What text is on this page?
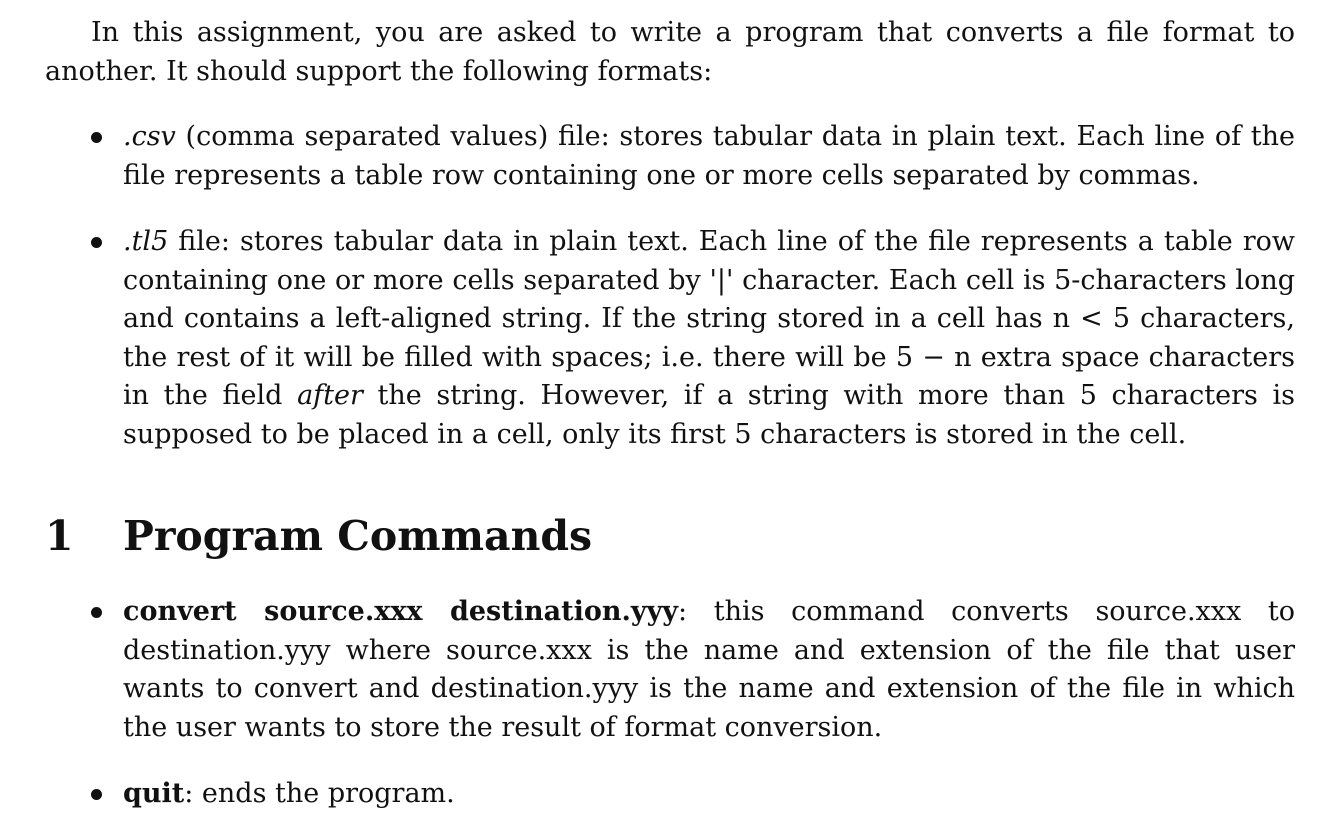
In this assignment, you are asked to write a program that converts a file format to another. It should support the following formats:

.csv (comma separated values) file: stores tabular data in plain text. Each line of the file represents a table row containing one or more cells separated by commas.

.tl5 file: stores tabular data in plain text. Each line of the file represents a table row containing one or more cells separated by '|' character. Each cell is 5-characters long and contains a left-aligned string. If the string stored in a cell has n < 5 characters, the rest of it will be filled with spaces; i.e. there will be 5 − n extra space characters in the field after the string. However, if a string with more than 5 characters is supposed to be placed in a cell, only its first 5 characters is stored in the cell.

1 Program Commands

convert source.xxx destination.yyy: this command converts source.xxx to destination.yyy where source.xxx is the name and extension of the file that user wants to convert and destination.yyy is the name and extension of the file in which the user wants to store the result of format conversion.

quit: ends the program.
